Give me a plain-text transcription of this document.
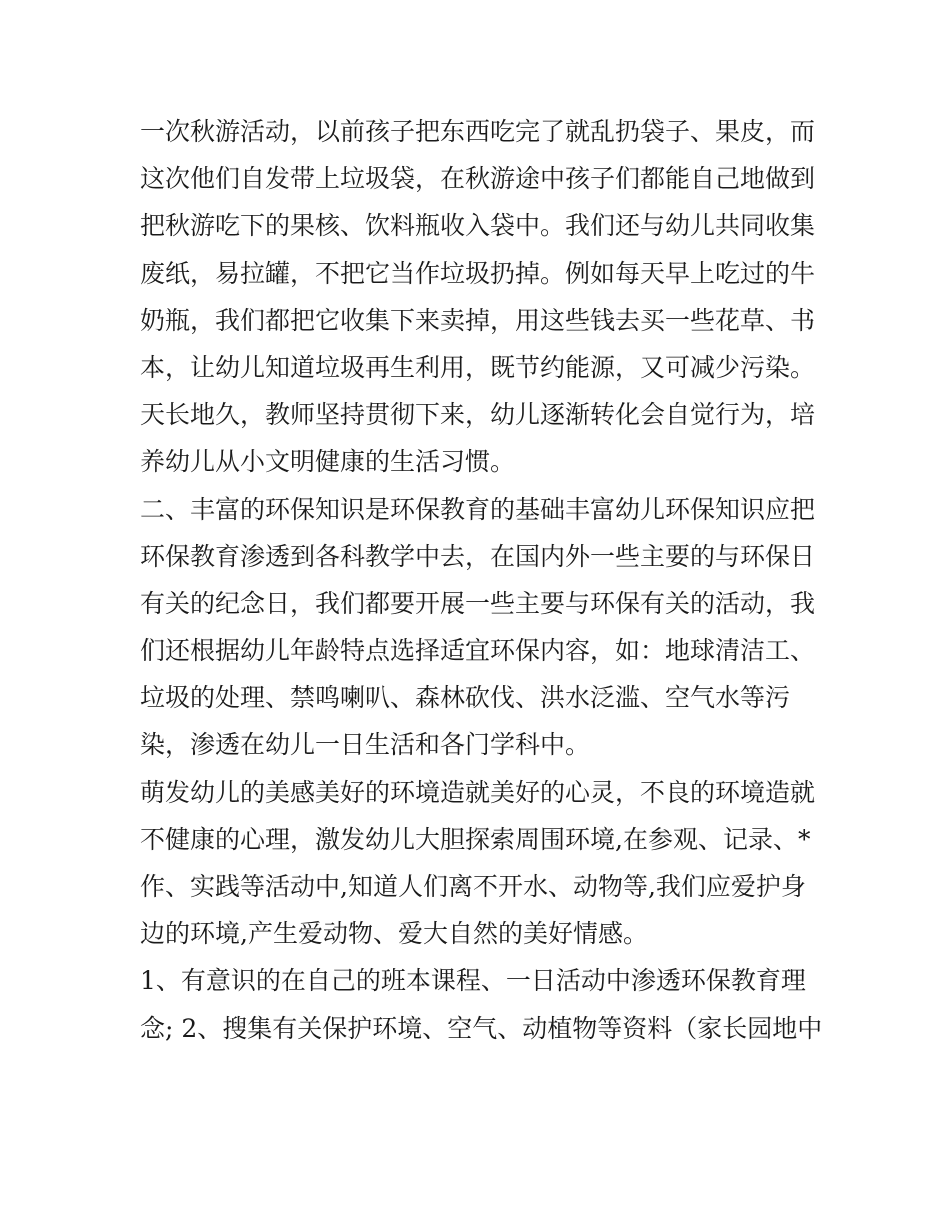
一次秋游活动，以前孩子把东西吃完了就乱扔袋子、果皮，而
这次他们自发带上垃圾袋，在秋游途中孩子们都能自己地做到
把秋游吃下的果核、饮料瓶收入袋中。我们还与幼儿共同收集
废纸，易拉罐，不把它当作垃圾扔掉。例如每天早上吃过的牛
奶瓶，我们都把它收集下来卖掉，用这些钱去买一些花草、书
本，让幼儿知道垃圾再生利用，既节约能源，又可减少污染。
天长地久，教师坚持贯彻下来，幼儿逐渐转化会自觉行为，培
养幼儿从小文明健康的生活习惯。
二、丰富的环保知识是环保教育的基础丰富幼儿环保知识应把
环保教育渗透到各科教学中去，在国内外一些主要的与环保日
有关的纪念日，我们都要开展一些主要与环保有关的活动，我
们还根据幼儿年龄特点选择适宜环保内容，如：地球清洁工、
垃圾的处理、禁鸣喇叭、森林砍伐、洪水泛滥、空气水等污
染，渗透在幼儿一日生活和各门学科中。
萌发幼儿的美感美好的环境造就美好的心灵，不良的环境造就
不健康的心理，激发幼儿大胆探索周围环境,在参观、记录、*
作、实践等活动中,知道人们离不开水、动物等,我们应爱护身
边的环境,产生爱动物、爱大自然的美好情感。
1、有意识的在自己的班本课程、一日活动中渗透环保教育理
念; 2、搜集有关保护环境、空气、动植物等资料（家长园地中
